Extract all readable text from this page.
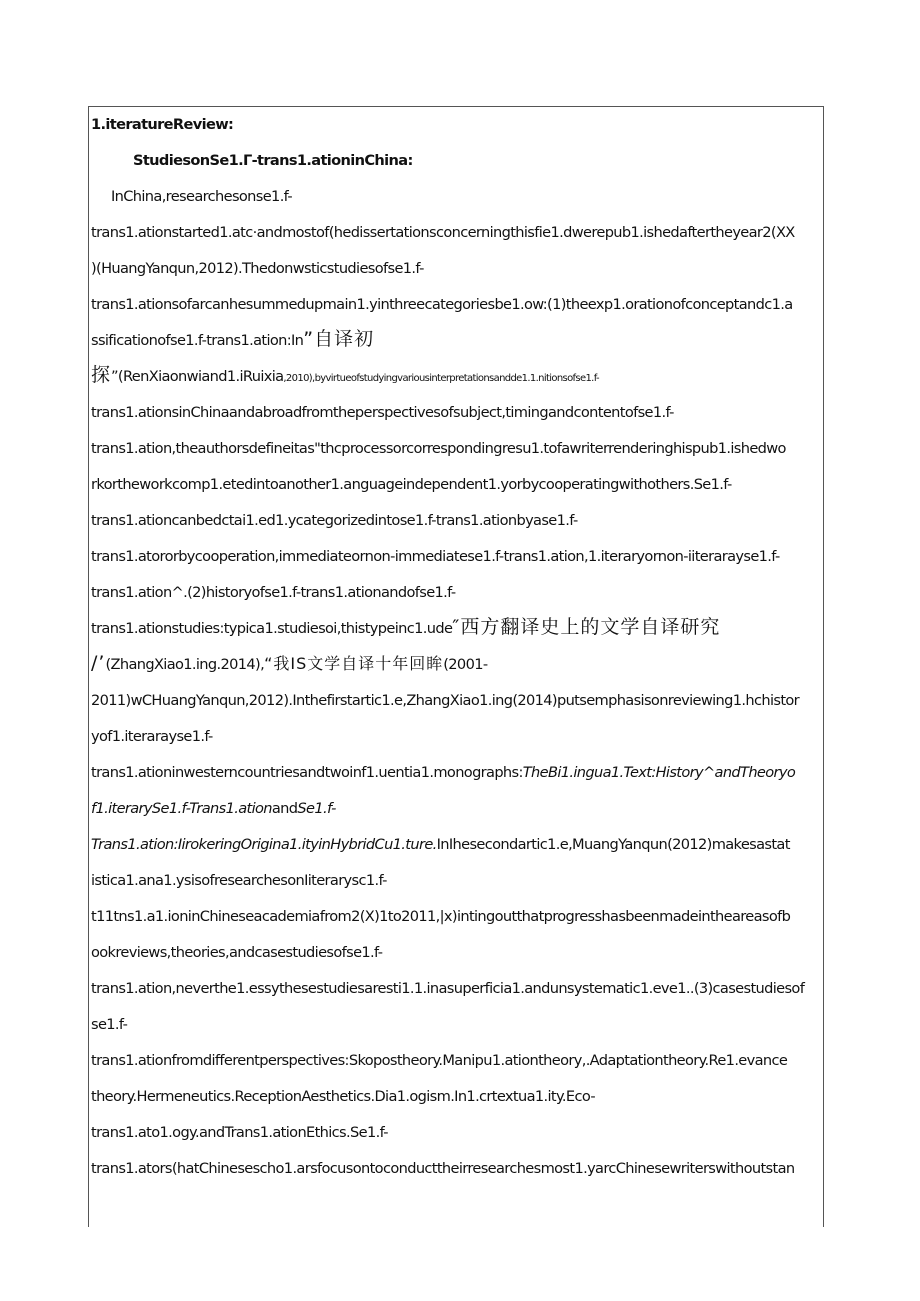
1.iteratureReview:
StudiesonSe1.Γ-trans1.ationinChina:
InChina,researchesonse1.f-
trans1.ationstarted1.atc·andmostof(hedissertationsconcerningthisfie1.dwerepub1.ishedaftertheyear2(XX
)(HuangYanqun,2012).Thedonwsticstudiesofse1.f-
trans1.ationsofarcanhesummedupmain1.yinthreecategoriesbe1.ow:(1)theexp1.orationofconceptandc1.a
ssificationofse1.f-trans1.ation:In”自译初
探”(RenXiaonwiand1.iRuixia,2010),byvirtueofstudyingvariousinterpretationsandde1.1.nitionsofse1.f-
trans1.ationsinChinaandabroadfromtheperspectivesofsubject,timingandcontentofse1.f-
trans1.ation,theauthorsdefineitas"thcprocessorcorrespondingresu1.tofawriterrenderinghispub1.ishedwo
rkortheworkcomp1.etedintoanother1.anguageindependent1.yorbycooperatingwithothers.Se1.f-
trans1.ationcanbedctai1.ed1.ycategorizedintose1.f-trans1.ationbyase1.f-
trans1.atororbycooperation,immediateornon-immediatese1.f-trans1.ation,1.iteraryornon-iiterarayse1.f-
trans1.ation^.(2)historyofse1.f-trans1.ationandofse1.f-
trans1.ationstudies:typica1.studiesoi,thistypeinc1.ude″西方翻译史上的文学自译研究
/’(ZhangXiao1.ing.2014),“我IS文学自译十年回眸(2001-
2011)wCHuangYanqun,2012).Inthefirstartic1.e,ZhangXiao1.ing(2014)putsemphasisonreviewing1.hchistor
yof1.iterarayse1.f-
trans1.ationinwesterncountriesandtwoinf1.uentia1.monographs:TheBi1.ingua1.Text:History^andTheoryo
f1.iterarySe1.f-Trans1.ationandSe1.f-
Trans1.ation:IirokeringOrigina1.ityinHybridCu1.ture.InIhesecondartic1.e,MuangYanqun(2012)makesastat
istica1.ana1.ysisofresearchesonIiterarysc1.f-
t11tns1.a1.ioninChineseacademiafrom2(X)1to2011,|x)intingoutthatprogresshasbeenmadeintheareasofb
ookreviews,theories,andcasestudiesofse1.f-
trans1.ation,neverthe1.essythesestudiesaresti1.1.inasuperficia1.andunsystematic1.eve1..(3)casestudiesof
se1.f-
trans1.ationfromdifferentperspectives:Skopostheory.Manipu1.ationtheory,.Adaptationtheory.Re1.evance
theory.Hermeneutics.ReceptionAesthetics.Dia1.ogism.In1.crtextua1.ity.Eco-
trans1.ato1.ogy.andTrans1.ationEthics.Se1.f-
trans1.ators(hatChineseschо1.arsfocusontoconducttheirresearchesmost1.yarcChinesewriterswithoutstan
